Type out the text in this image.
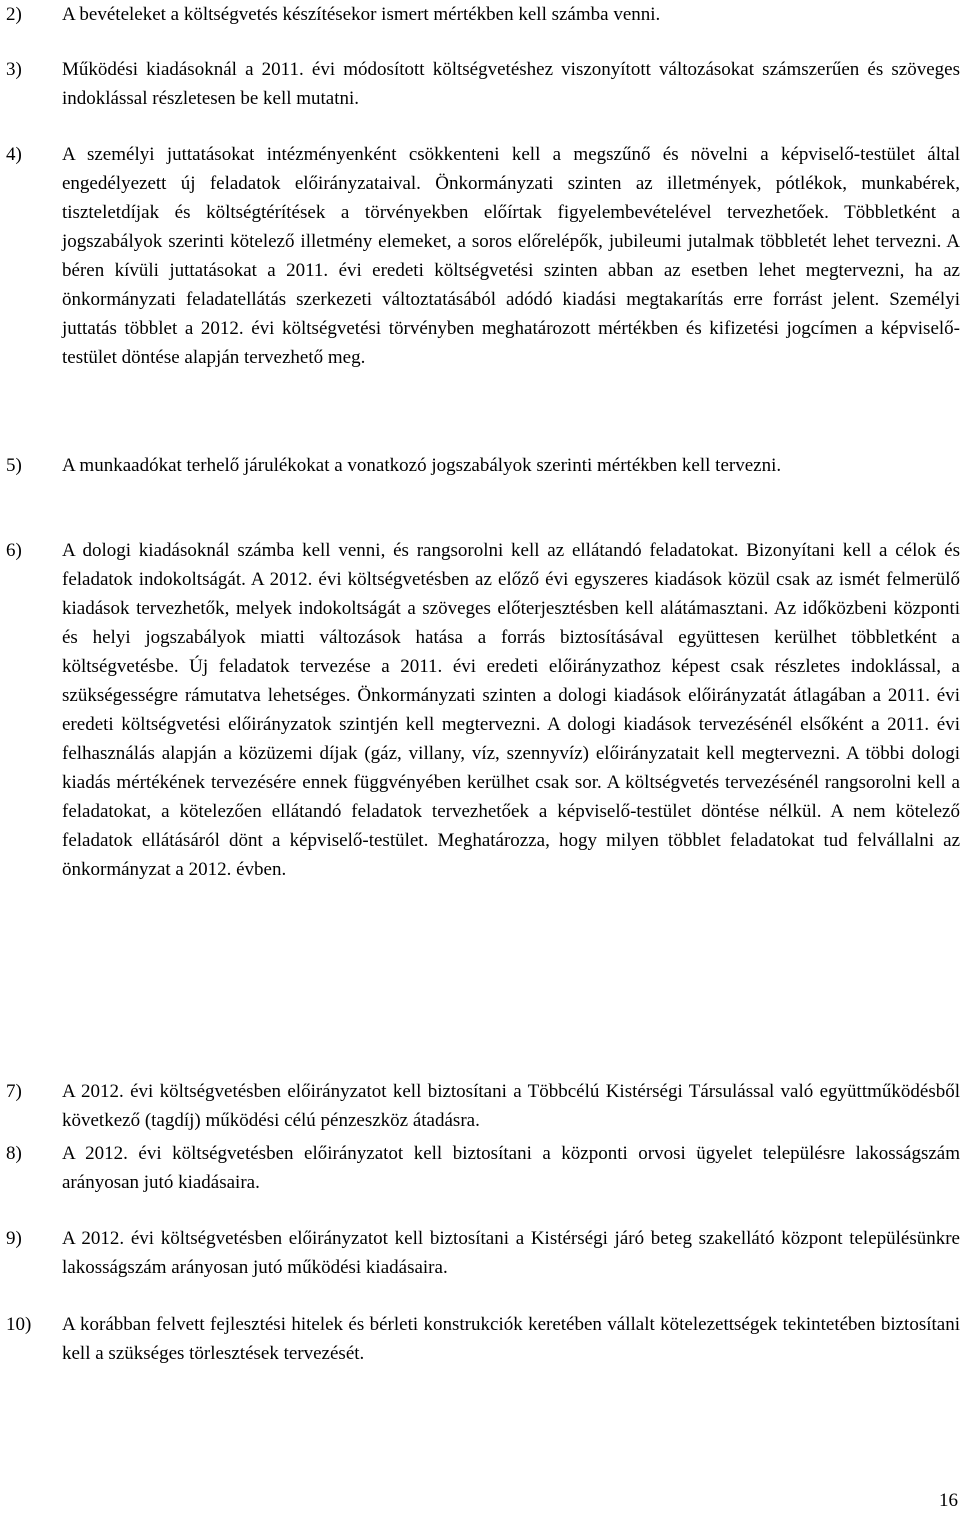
2) A bevételeket a költségvetés készítésekor ismert mértékben kell számba venni.
3) Működési kiadásoknál a 2011. évi módosított költségvetéshez viszonyított változásokat számszerűen és szöveges indoklással részletesen be kell mutatni.
4) A személyi juttatásokat intézményenként csökkenteni kell a megszűnő és növelni a képviselő-testület által engedélyezett új feladatok előirányzataival. Önkormányzati szinten az illetmények, pótlékok, munkabérek, tiszteletdíjak és költségtérítések a törvényekben előírtak figyelembevételével tervezhetőek. Többletként a jogszabályok szerinti kötelező illetmény elemeket, a soros előrelépők, jubileumi jutalmak többletét lehet tervezni. A béren kívüli juttatásokat a 2011. évi eredeti költségvetési szinten abban az esetben lehet megtervezni, ha az önkormányzati feladatellátás szerkezeti változtatásából adódó kiadási megtakarítás erre forrást jelent. Személyi juttatás többlet a 2012. évi költségvetési törvényben meghatározott mértékben és kifizetési jogcímen a képviselő- testület döntése alapján tervezhető meg.
5) A munkaadókat terhelő járulékokat a vonatkozó jogszabályok szerinti mértékben kell tervezni.
6) A dologi kiadásoknál számba kell venni, és rangsorolni kell az ellátandó feladatokat. Bizonyítani kell a célok és feladatok indokoltságát. A 2012. évi költségvetésben az előző évi egyszeres kiadások közül csak az ismét felmerülő kiadások tervezhetők, melyek indokoltságát a szöveges előterjesztésben kell alátámasztani. Az időközbeni központi és helyi jogszabályok miatti változások hatása a forrás biztosításával együttesen kerülhet többletként a költségvetésbe. Új feladatok tervezése a 2011. évi eredeti előirányzathoz képest csak részletes indoklással, a szükségességre rámutatva lehetséges. Önkormányzati szinten a dologi kiadások előirányzatát átlagában a 2011. évi eredeti költségvetési előirányzatok szintjén kell megtervezni. A dologi kiadások tervezésénél elsőként a 2011. évi felhasználás alapján a közüzemi díjak (gáz, villany, víz, szennyvíz) előirányzatait kell megtervezni. A többi dologi kiadás mértékének tervezésére ennek függvényében kerülhet csak sor. A költségvetés tervezésénél rangsorolni kell a feladatokat, a kötelezően ellátandó feladatok tervezhetőek a képviselő-testület döntése nélkül. A nem kötelező feladatok ellátásáról dönt a képviselő-testület. Meghatározza, hogy milyen többlet feladatokat tud felvállalni az önkormányzat a 2012. évben.
7) A 2012. évi költségvetésben előirányzatot kell biztosítani a Többcélú Kistérségi Társulással való együttműködésből következő (tagdíj) működési célú pénzeszköz átadásra.
8) A 2012. évi költségvetésben előirányzatot kell biztosítani a központi orvosi ügyelet településre lakosságszám arányosan jutó kiadásaira.
9) A 2012. évi költségvetésben előirányzatot kell biztosítani a Kistérségi járó beteg szakellátó központ településünkre lakosságszám arányosan jutó működési kiadásaira.
10) A korábban felvett fejlesztési hitelek és bérleti konstrukciók keretében vállalt kötelezettségek tekintetében biztosítani kell a szükséges törlesztések tervezését.
16
